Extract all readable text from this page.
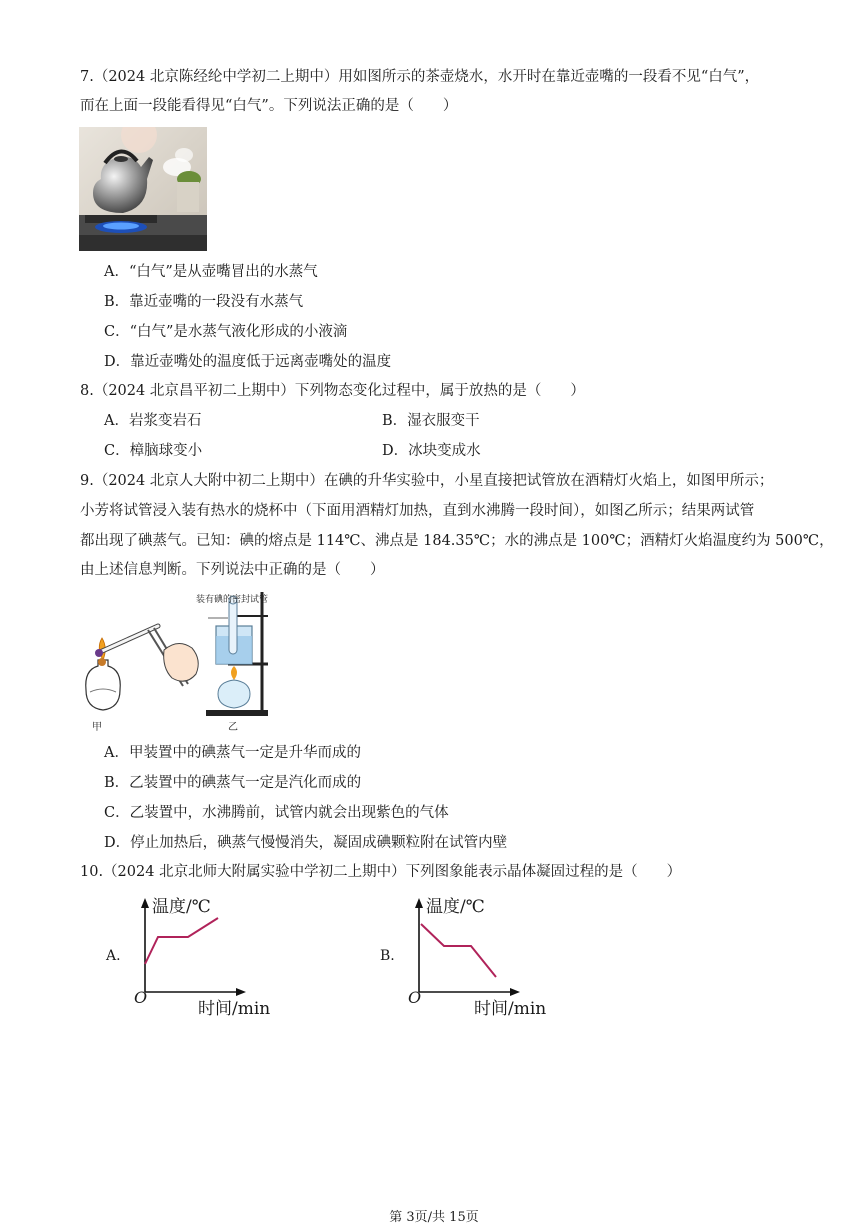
7.（2024 北京陈经纶中学初二上期中）用如图所示的茶壶烧水，水开时在靠近壶嘴的一段看不见“白气”，
而在上面一段能看得见“白气”。下列说法正确的是（　　）
A．“白气”是从壶嘴冒出的水蒸气
B．靠近壶嘴的一段没有水蒸气
C．“白气”是水蒸气液化形成的小液滴
D．靠近壶嘴处的温度低于远离壶嘴处的温度
8.（2024 北京昌平初二上期中）下列物态变化过程中，属于放热的是（　　）
A．岩浆变岩石	B．湿衣服变干
C．樟脑球变小	D．冰块变成水
9.（2024 北京人大附中初二上期中）在碘的升华实验中，小星直接把试管放在酒精灯火焰上，如图甲所示；
小芳将试管浸入装有热水的烧杯中（下面用酒精灯加热，直到水沸腾一段时间），如图乙所示；结果两试管
都出现了碘蒸气。已知：碘的熔点是 114℃、沸点是 184.35℃；水的沸点是 100℃；酒精灯火焰温度约为 500℃，
由上述信息判断。下列说法中正确的是（　　）
装有碘的密封试管
甲	乙
A．甲装置中的碘蒸气一定是升华而成的
B．乙装置中的碘蒸气一定是汽化而成的
C．乙装置中，水沸腾前，试管内就会出现紫色的气体
D．停止加热后，碘蒸气慢慢消失，凝固成碘颗粒附在试管内壁
10.（2024 北京北师大附属实验中学初二上期中）下列图象能表示晶体凝固过程的是（　　）
A.
温度/℃
O
时间/min
B.
温度/℃
O
时间/min
第 3页/共 15页
